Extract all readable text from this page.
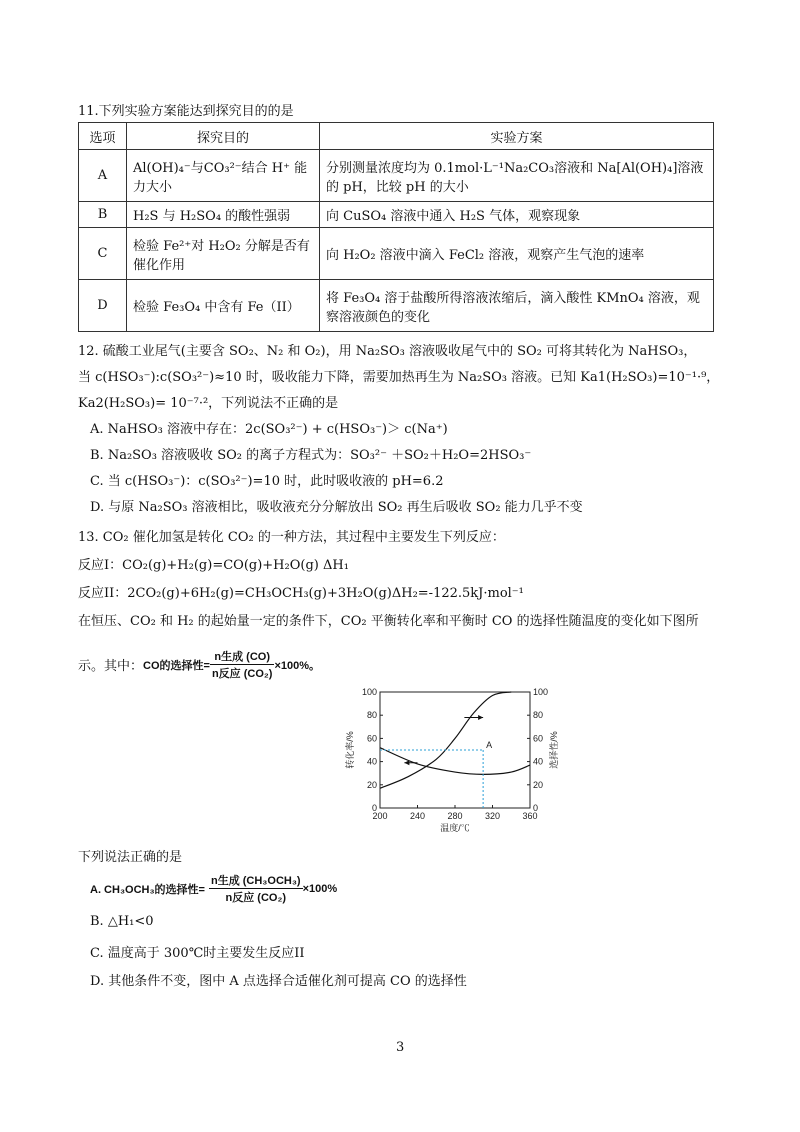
11.下列实验方案能达到探究目的的是
选项	探究目的	实验方案
A	Al(OH)₄⁻与CO₃²⁻结合 H⁺ 能力大小	分别测量浓度均为 0.1mol·L⁻¹Na₂CO₃溶液和 Na[Al(OH)₄]溶液的 pH，比较 pH 的大小
B	H₂S 与 H₂SO₄ 的酸性强弱	向 CuSO₄ 溶液中通入 H₂S 气体，观察现象
C	检验 Fe²⁺对 H₂O₂ 分解是否有催化作用	向 H₂O₂ 溶液中滴入 FeCl₂ 溶液，观察产生气泡的速率
D	检验 Fe₃O₄ 中含有 Fe（II）	将 Fe₃O₄ 溶于盐酸所得溶液浓缩后，滴入酸性 KMnO₄ 溶液，观察溶液颜色的变化
12. 硫酸工业尾气(主要含 SO₂、N₂ 和 O₂)，用 Na₂SO₃ 溶液吸收尾气中的 SO₂ 可将其转化为 NaHSO₃，
当 c(HSO₃⁻):c(SO₃²⁻)≈10 时，吸收能力下降，需要加热再生为 Na₂SO₃ 溶液。已知 Ka1(H₂SO₃)=10⁻¹·⁹，
Ka2(H₂SO₃)= 10⁻⁷·²，下列说法不正确的是
A. NaHSO₃ 溶液中存在：2c(SO₃²⁻) + c(HSO₃⁻)＞ c(Na⁺)
B. Na₂SO₃ 溶液吸收 SO₂ 的离子方程式为：SO₃²⁻ ＋SO₂＋H₂O=2HSO₃⁻
C. 当 c(HSO₃⁻)：c(SO₃²⁻)=10 时，此时吸收液的 pH=6.2
D. 与原 Na₂SO₃ 溶液相比，吸收液充分分解放出 SO₂ 再生后吸收 SO₂ 能力几乎不变
13. CO₂ 催化加氢是转化 CO₂ 的一种方法，其过程中主要发生下列反应：
反应I：CO₂(g)+H₂(g)=CO(g)+H₂O(g) ΔH₁
反应II：2CO₂(g)+6H₂(g)=CH₃OCH₃(g)+3H₂O(g)ΔH₂=-122.5kJ·mol⁻¹
在恒压、CO₂ 和 H₂ 的起始量一定的条件下，CO₂ 平衡转化率和平衡时 CO 的选择性随温度的变化如下图所
示。其中： CO的选择性= $\frac{\text{n生成 (CO)}}{\text{n反应 (CO₂)}} \times 100\%$。
200 240 280 320 360
0	0
20	20
40	40
60	60
80	80
100	100
温度/℃
转化率/%	选择性/%
A
下列说法正确的是
A. CH₃OCH₃的选择性= $\frac{\text{n生成 (CH₃OCH₃)}}{\text{n反应 (CO₂)}} \times 100\%$
B. △H₁<0
C. 温度高于 300℃时主要发生反应II
D. 其他条件不变，图中 A 点选择合适催化剂可提高 CO 的选择性
3
